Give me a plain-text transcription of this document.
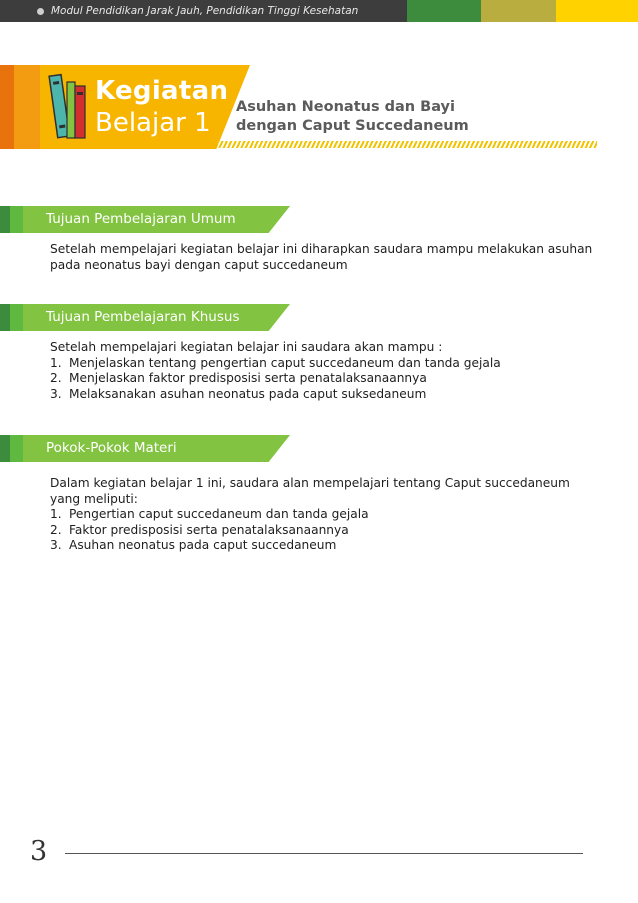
Modul Pendidikan Jarak Jauh, Pendidikan Tinggi Kesehatan
Kegiatan
Belajar 1
Asuhan Neonatus dan Bayi
dengan Caput Succedaneum
Tujuan Pembelajaran Umum

Setelah mempelajari kegiatan belajar ini diharapkan saudara mampu melakukan asuhan pada neonatus bayi dengan caput succedaneum

Tujuan Pembelajaran Khusus

Setelah mempelajari kegiatan belajar ini saudara akan mampu :

1. Menjelaskan tentang pengertian caput succedaneum dan tanda gejala
2. Menjelaskan faktor predisposisi serta penatalaksanaannya
3. Melaksanakan asuhan neonatus pada caput suksedaneum
Pokok-Pokok Materi

Dalam kegiatan belajar 1 ini, saudara alan mempelajari tentang Caput succedaneum yang meliputi:

1. Pengertian caput succedaneum dan tanda gejala
2. Faktor predisposisi serta penatalaksanaannya
3. Asuhan neonatus pada caput succedaneum
3
